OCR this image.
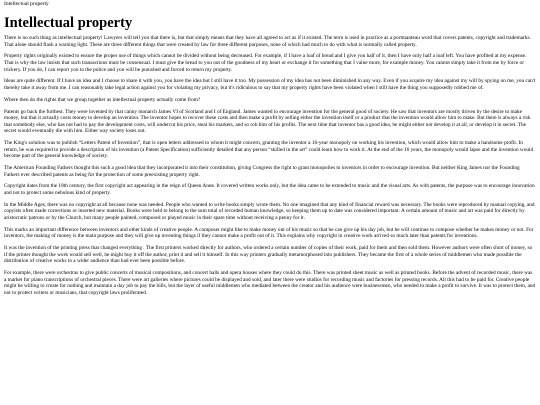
Intellectual property
Intellectual property

There is no such thing as intellectual property! Lawyers will tell you that there is, but that simply means that they have all agreed to act as if it existed. The term is used in practice as a portmanteau word that covers patents, copyright and trademarks. That alone should flash a warning light. These are three different things that were created by law for three different purposes, none of which had much to do with what is normally called property.

Property rights originally existed to ensure the proper use of things which cannot be divided without being decreased. For example, if I have a loaf of bread and I give you half of it, then I have only half a loaf left. You have profited at my expense. That is why the law insists that such transactions must be consensual. I must give the bread to you out of the goodness of my heart or exchange it for something that I value more, for example money. You cannot simply take it from me by force or trickery. If you do, I can report you to the police and you will be punished and forced to return my property.

Ideas are quite different. If I have an idea and I choose to share it with you, you have the idea but I still have it too. My possession of my idea has not been diminished in any way. Even if you acquire my idea against my will by spying on me, you can't thereby take it away from me. I can reasonably take legal action against you for violating my privacy, but it's ridiculous to say that my property rights have been violated when I still have the thing you supposedly robbed me of.

Where then do the rights that we group together as intellectual property actually come from?

Patents go back the furthest. They were invented by that canny monarch James VI of Scotland and I of England. James wanted to encourage invention for the general good of society. He saw that inventors are mostly driven by the desire to make money, but that it actually costs money to develop an invention. The inventor hopes to recover these costs and then make a profit by selling either the invention itself or a product that the invention would allow him to make. But there is always a risk that somebody else, who has not had to pay the development costs, will undercut his price, steal his markets, and so rob him of his profits. The next time that inventor has a good idea, he might either not develop it at all, or develop it in secret. The secret would eventually die with him. Either way society loses out.

The King's solution was to publish “Letters Patent of Invention”, that is open letters addressed to whom it might concern, granting the inventor a 16-year monopoly on working his invention, which would allow him to make a handsome profit. In return, he was required to provide a description of his invention (a Patent Specification) sufficiently detailed that any person “skilled in the art” could learn how to work it. At the end of the 16 years, the monopoly would lapse and the invention would become part of the general knowledge of society.

The American Founding Fathers thought this such a good idea that they incorporated it into their constitution, giving Congress the right to grant monopolies to inventors in order to encourage invention. But neither King James nor the Founding Fathers ever described patents as being for the protection of some preexisting property right.

Copyright dates from the 18th century, the first copyright act appearing in the reign of Queen Anne. It covered written works only, but the idea came to be extended to music and the visual arts. As with patents, the purpose was to encourage innovation and not to protect some nebulous kind of property.

In the Middle Ages, there was no copyright at all because none was needed. People who wanted to write books simply wrote them. No one imagined that any kind of financial reward was necessary. The books were reproduced by manual copying, and copyists often made corrections or inserted new material. Books were held to belong to the sum total of recorded human knowledge, so keeping them up to date was considered important. A certain amount of music and art was paid for directly by aristocratic patrons or by the Church, but many people painted, composed or played music in their spare time without receiving a penny for it.

This marks an important difference between inventors and other kinds of creative people. A composer might like to make money out of his music so that he can give up his day job, but he will continue to compose whether he makes money or not. For inventors, the making of money is the main purpose and they will give up inventing things if they cannot make a profit out of it. This explains why copyright in creative work arrived so much later than patents for inventions.

It was the invention of the printing press that changed everything . The first printers worked directly for authors, who ordered a certain number of copies of their work, paid for them and then sold them. However authors were often short of money, so if the printer thought the work would sell well, he might buy it off the author, print it and sell it himself. In this way printers gradually metamorphosed into publishers. They became the first of a whole series of middlemen who made possible the distribution of creative works to a wider audience than had ever been possible before.

For example, there were orchestras to give public concerts of musical compositions, and concert halls and opera houses where they could do this. There was printed sheet music as well as printed books. Before the advent of recorded music, there was a market for piano transcriptions of orchestral pieces. There were art galleries where pictures could be displayed and sold, and later there were studios for recording music and factories for pressing records. All this had to be paid for. Creative people might be willing to create for nothing and maintain a day job to pay the bills, but the layer of useful middlemen who mediated between the creator and his audience were businessmen, who needed to make a profit to survive. It was to protect them, and not to protect writers or musicians, that copyright laws proliferated.
